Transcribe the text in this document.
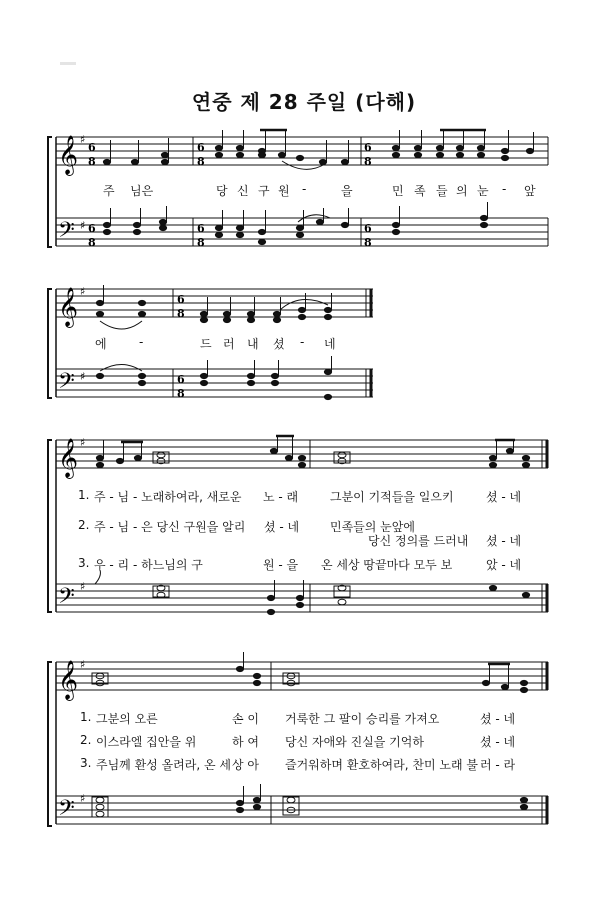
연중 제 28 주일 (다해)
𝄞
𝄢
♯
♯
6
8
6
8
6
8
6
8
6
8
6
8
주 님은	당 신 구 원 -	을	민 족 들 의 눈 - 앞
𝄞
𝄢
♯
♯
6
8
6
8
에	-	드 러 내 셨 - 네
𝄞
𝄢
♯
♯
1. 주 - 님 - 노래하여라, 새로운 노 - 래	그분이 기적들을 일으키	셨 - 네
2. 주 - 님 - 은 당신 구원을 알리 셨 - 네	민족들의 눈앞에
당신 정의를 드러내 셨 - 네
3. 우 - 리 - 하느님의 구	원 - 을 온 세상 땅끝마다 모두 보	았 - 네
𝄞
𝄢
♯
♯
1. 그분의 오른	손 이 거룩한 그 팔이 승리를 가져오	셨 - 네
2. 이스라엘 집안을 위	하 여 당신 자애와 진실을 기억하	셨 - 네
3. 주님께 환성 올려라, 온 세 상 아 즐거워하며 환호하여라, 찬미 노래 불 러 - 라
